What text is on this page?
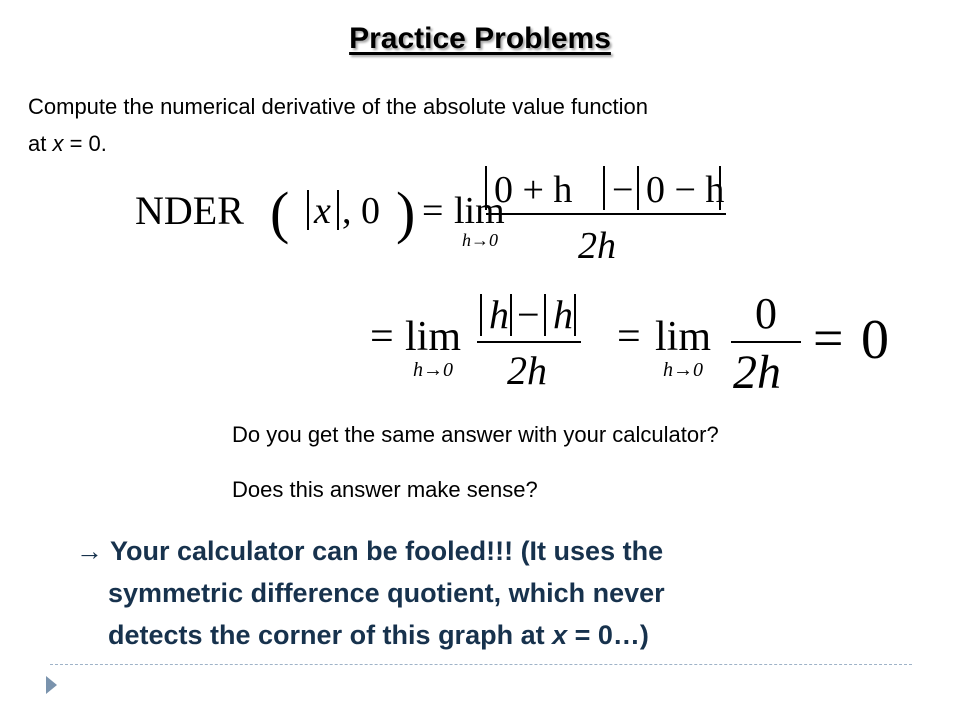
Practice Problems
Compute the numerical derivative of the absolute value function
at x = 0.
NDER ( x , 0 ) = lim
h→0
0 + h − 0 − h
2h
= lim
h→0
h − h
2h
= lim
h→0
0
2h
= 0
Do you get the same answer with your calculator?
Does this answer make sense?
→ Your calculator can be fooled!!! (It uses the
symmetric difference quotient, which never
detects the corner of this graph at x = 0…)
